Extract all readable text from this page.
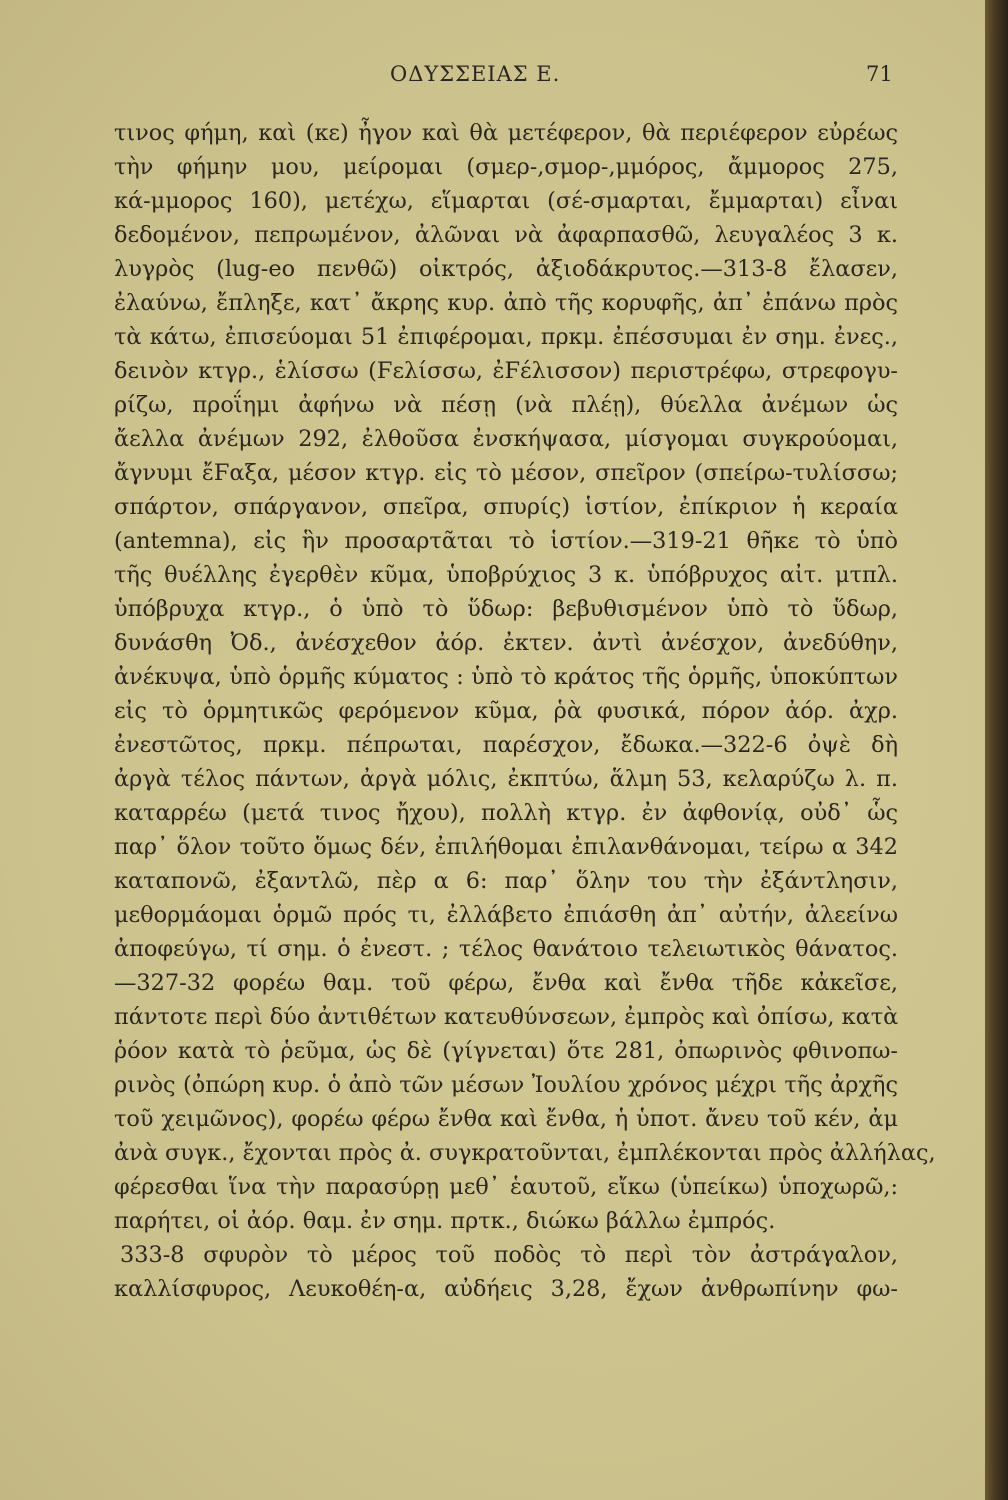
ΟΔΥΣΣΕΙΑΣ Ε.	71
τινος φήμη, καὶ (κε) ἦγον καὶ θὰ μετέφερον, θὰ περιέφερον εὐρέως
τὴν φήμην μου, μείρομαι (σμερ-,σμορ-,μμόρος, ἄμμορος 275,
κά-μμορος 160), μετέχω, εἵμαρται (σέ-σμαρται, ἔμμαρται) εἶναι
δεδομένον, πεπρωμένον, ἀλῶναι νὰ ἀφαρπασθῶ, λευγαλέος 3 κ.
λυγρὸς (lug-eo πενθῶ) οἰκτρός, ἀξιοδάκρυτος.—313-8 ἔλασεν,
ἐλαύνω, ἔπληξε, κατ᾽ ἄκρης κυρ. ἀπὸ τῆς κορυφῆς, ἀπ᾽ ἐπάνω πρὸς
τὰ κάτω, ἐπισεύομαι 51 ἐπιφέρομαι, πρκμ. ἐπέσσυμαι ἐν σημ. ἐνες.,
δεινὸν κτγρ., ἑλίσσω (Ϝελίσσω, ἐϜέλισσον) περιστρέφω, στρεφογυ-
ρίζω, προΐημι ἀφήνω νὰ πέσῃ (νὰ πλέῃ), θύελλα ἀνέμων ὡς
ἄελλα ἀνέμων 292, ἐλθοῦσα ἐνσκήψασα, μίσγομαι συγκρούομαι,
ἄγνυμι ἔϜαξα, μέσον κτγρ. εἰς τὸ μέσον, σπεῖρον (σπείρω-τυλίσσω;
σπάρτον, σπάργανον, σπεῖρα, σπυρίς) ἱστίον, ἐπίκριον ἡ κεραία
(antemna), εἰς ἣν προσαρτᾶται τὸ ἱστίον.—319-21 θῆκε τὸ ὑπὸ
τῆς θυέλλης ἐγερθὲν κῦμα, ὑποβρύχιος 3 κ. ὑπόβρυχος αἰτ. μτπλ.
ὑπόβρυχα κτγρ., ὁ ὑπὸ τὸ ὕδωρ: βεβυθισμένον ὑπὸ τὸ ὕδωρ,
δυνάσθη Ὀδ., ἀνέσχεθον ἀόρ. ἐκτεν. ἀντὶ ἀνέσχον, ἀνεδύθην,
ἀνέκυψα, ὑπὸ ὁρμῆς κύματος : ὑπὸ τὸ κράτος τῆς ὁρμῆς, ὑποκύπτων
εἰς τὸ ὁρμητικῶς φερόμενον κῦμα, ῥὰ φυσικά, πόρον ἀόρ. ἀχρ.
ἐνεστῶτος, πρκμ. πέπρωται, παρέσχον, ἔδωκα.—322-6 ὀψὲ δὴ
ἀργὰ τέλος πάντων, ἀργὰ μόλις, ἐκπτύω, ἅλμη 53, κελαρύζω λ. π.
καταρρέω (μετά τινος ἤχου), πολλὴ κτγρ. ἐν ἀφθονίᾳ, οὐδ᾽ ὧς
παρ᾽ ὅλον τοῦτο ὅμως δέν, ἐπιλήθομαι ἐπιλανθάνομαι, τείρω α 342
καταπονῶ, ἐξαντλῶ, πὲρ α 6: παρ᾽ ὅλην του τὴν ἐξάντλησιν,
μεθορμάομαι ὁρμῶ πρός τι, ἐλλάβετο ἐπιάσθη ἀπ᾽ αὐτήν, ἀλεείνω
ἀποφεύγω, τί σημ. ὁ ἐνεστ. ; τέλος θανάτοιο τελειωτικὸς θάνατος.
—327-32 φορέω θαμ. τοῦ φέρω, ἔνθα καὶ ἔνθα τῆδε κἀκεῖσε,
πάντοτε περὶ δύο ἀντιθέτων κατευθύνσεων, ἐμπρὸς καὶ ὀπίσω, κατὰ
ῥόον κατὰ τὸ ῥεῦμα, ὡς δὲ (γίγνεται) ὅτε 281, ὀπωρινὸς φθινοπω-
ρινὸς (ὀπώρη κυρ. ὁ ἀπὸ τῶν μέσων Ἰουλίου χρόνος μέχρι τῆς ἀρχῆς
τοῦ χειμῶνος), φορέω φέρω ἔνθα καὶ ἔνθα, ἡ ὑποτ. ἄνευ τοῦ κέν, ἀμ
ἀνὰ συγκ., ἔχονται πρὸς ἀ. συγκρατοῦνται, ἐμπλέκονται πρὸς ἀλλήλας,
φέρεσθαι ἵνα τὴν παρασύρῃ μεθ᾽ ἑαυτοῦ, εἴκω (ὑπείκω) ὑποχωρῶ,:
παρήτει, οἱ ἀόρ. θαμ. ἐν σημ. πρτκ., διώκω βάλλω ἐμπρός.
333-8 σφυρὸν τὸ μέρος τοῦ ποδὸς τὸ περὶ τὸν ἀστράγαλον,
καλλίσφυρος, Λευκοθέη-α, αὐδήεις 3,28, ἔχων ἀνθρωπίνην φω-
